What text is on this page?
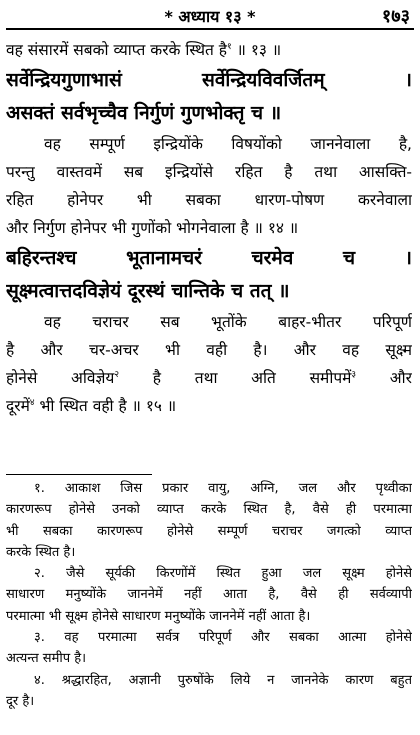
* अध्याय १३ *	१७३
वह संसारमें सबको व्याप्त करके स्थित है$^१$ ॥ १३ ॥
सर्वेन्द्रियगुणाभासं सर्वेन्द्रियविवर्जितम् ।
असक्तं सर्वभृच्चैव निर्गुणं गुणभोक्तृ च ॥
वह सम्पूर्ण इन्द्रियोंके विषयोंको जाननेवाला है,
परन्तु वास्तवमें सब इन्द्रियोंसे रहित है तथा आसक्ति-
रहित होनेपर भी सबका धारण-पोषण करनेवाला
और निर्गुण होनेपर भी गुणोंको भोगनेवाला है ॥ १४ ॥
बहिरन्तश्च भूतानामचरं चरमेव च ।
सूक्ष्मत्वात्तदविज्ञेयं दूरस्थं चान्तिके च तत् ॥
वह चराचर सब भूतोंके बाहर-भीतर परिपूर्ण
है और चर-अचर भी वही है। और वह सूक्ष्म
होनेसे अविज्ञेय$^२$ है तथा अति समीपमें$^३$ और
दूरमें$^४$ भी स्थित वही है ॥ १५ ॥
१. आकाश जिस प्रकार वायु, अग्नि, जल और पृथ्वीका
कारणरूप होनेसे उनको व्याप्त करके स्थित है, वैसे ही परमात्मा
भी सबका कारणरूप होनेसे सम्पूर्ण चराचर जगत्को व्याप्त
करके स्थित है।
२. जैसे सूर्यकी किरणोंमें स्थित हुआ जल सूक्ष्म होनेसे
साधारण मनुष्योंके जाननेमें नहीं आता है, वैसे ही सर्वव्यापी
परमात्मा भी सूक्ष्म होनेसे साधारण मनुष्योंके जाननेमें नहीं आता है।
३. वह परमात्मा सर्वत्र परिपूर्ण और सबका आत्मा होनेसे
अत्यन्त समीप है।
४. श्रद्धारहित, अज्ञानी पुरुषोंके लिये न जाननेके कारण बहुत
दूर है।
